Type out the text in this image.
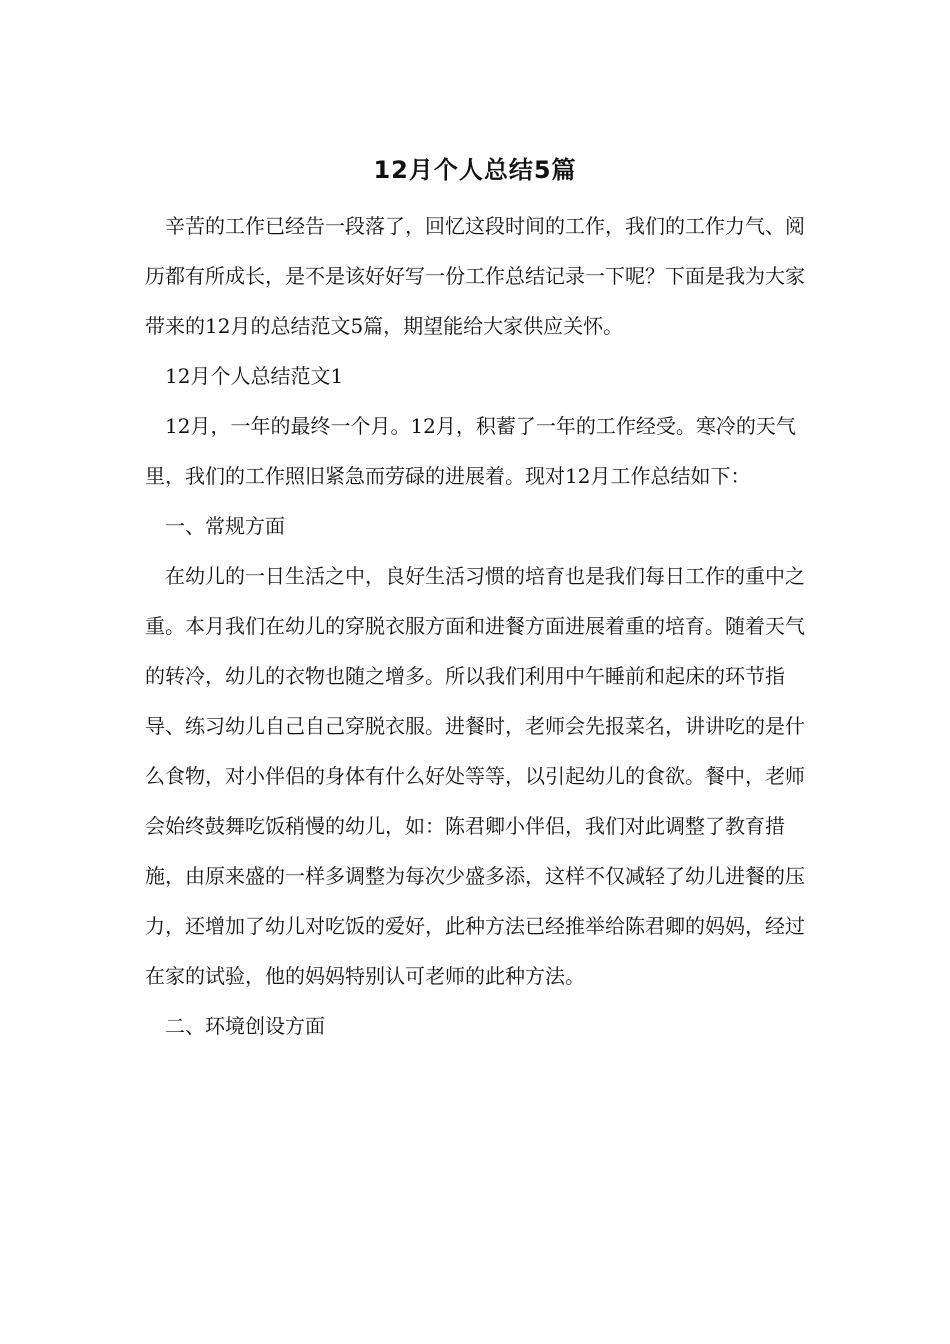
12月个人总结5篇

辛苦的工作已经告一段落了，回忆这段时间的工作，我们的工作力气、阅历都有所成长，是不是该好好写一份工作总结记录一下呢？下面是我为大家带来的12月的总结范文5篇，期望能给大家供应关怀。

12月个人总结范文1

12月，一年的最终一个月。12月，积蓄了一年的工作经受。寒冷的天气里，我们的工作照旧紧急而劳碌的进展着。现对12月工作总结如下：

一、常规方面

在幼儿的一日生活之中，良好生活习惯的培育也是我们每日工作的重中之重。本月我们在幼儿的穿脱衣服方面和进餐方面进展着重的培育。随着天气的转冷，幼儿的衣物也随之增多。所以我们利用中午睡前和起床的环节指导、练习幼儿自己自己穿脱衣服。进餐时，老师会先报菜名，讲讲吃的是什么食物，对小伴侣的身体有什么好处等等，以引起幼儿的食欲。餐中，老师会始终鼓舞吃饭稍慢的幼儿，如：陈君卿小伴侣，我们对此调整了教育措施，由原来盛的一样多调整为每次少盛多添，这样不仅减轻了幼儿进餐的压力，还增加了幼儿对吃饭的爱好，此种方法已经推举给陈君卿的妈妈，经过在家的试验，他的妈妈特别认可老师的此种方法。

二、环境创设方面
